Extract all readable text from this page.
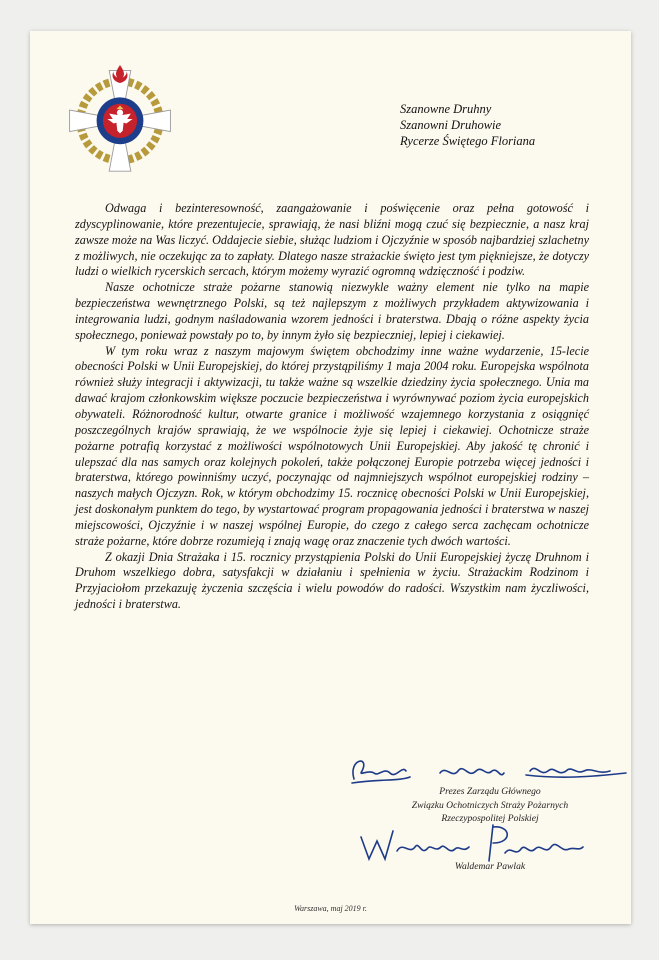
Szanowne Druhny
Szanowni Druhowie
Rycerze Świętego Floriana

Odwaga i bezinteresowność, zaangażowanie i poświęcenie oraz pełna gotowość i zdyscyplinowanie, które prezentujecie, sprawiają, że nasi bliźni mogą czuć się bezpiecznie, a nasz kraj zawsze może na Was liczyć. Oddajecie siebie, służąc ludziom i Ojczyźnie w sposób najbardziej szlachetny z możliwych, nie oczekując za to zapłaty. Dlatego nasze strażackie święto jest tym piękniejsze, że dotyczy ludzi o wielkich rycerskich sercach, którym możemy wyrazić ogromną wdzięczność i podziw.

Nasze ochotnicze straże pożarne stanowią niezwykle ważny element nie tylko na mapie bezpieczeństwa wewnętrznego Polski, są też najlepszym z możliwych przykładem aktywizowania i integrowania ludzi, godnym naśladowania wzorem jedności i braterstwa. Dbają o różne aspekty życia społecznego, ponieważ powstały po to, by innym żyło się bezpieczniej, lepiej i ciekawiej.

W tym roku wraz z naszym majowym świętem obchodzimy inne ważne wydarzenie, 15-lecie obecności Polski w Unii Europejskiej, do której przystąpiliśmy 1 maja 2004 roku. Europejska wspólnota również służy integracji i aktywizacji, tu także ważne są wszelkie dziedziny życia społecznego. Unia ma dawać krajom członkowskim większe poczucie bezpieczeństwa i wyrównywać poziom życia europejskich obywateli. Różnorodność kultur, otwarte granice i możliwość wzajemnego korzystania z osiągnięć poszczególnych krajów sprawiają, że we wspólnocie żyje się lepiej i ciekawiej. Ochotnicze straże pożarne potrafią korzystać z możliwości wspólnotowych Unii Europejskiej. Aby jakość tę chronić i ulepszać dla nas samych oraz kolejnych pokoleń, także połączonej Europie potrzeba więcej jedności i braterstwa, którego powinniśmy uczyć, poczynając od najmniejszych wspólnot europejskiej rodziny – naszych małych Ojczyzn. Rok, w którym obchodzimy 15. rocznicę obecności Polski w Unii Europejskiej, jest doskonałym punktem do tego, by wystartować program propagowania jedności i braterstwa w naszej miejscowości, Ojczyźnie i w naszej wspólnej Europie, do czego z całego serca zachęcam ochotnicze straże pożarne, które dobrze rozumieją i znają wagę oraz znaczenie tych dwóch wartości.

Z okazji Dnia Strażaka i 15. rocznicy przystąpienia Polski do Unii Europejskiej życzę Druhnom i Druhom wszelkiego dobra, satysfakcji w działaniu i spełnienia w życiu. Strażackim Rodzinom i Przyjaciołom przekazuję życzenia szczęścia i wielu powodów do radości. Wszystkim nam życzliwości, jedności i braterstwa.

Prezes Zarządu Głównego
Związku Ochotniczych Straży Pożarnych
Rzeczypospolitej Polskiej
Waldemar Pawlak
Warszawa, maj 2019 r.
